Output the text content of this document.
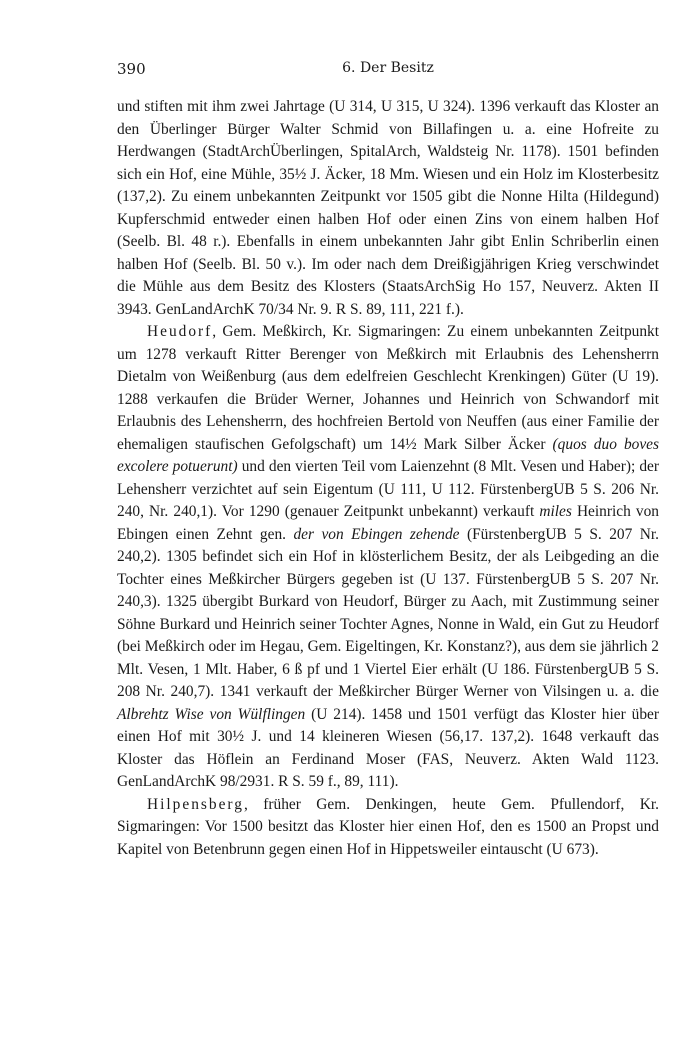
390	6. Der Besitz

und stiften mit ihm zwei Jahrtage (U 314, U 315, U 324). 1396 verkauft das Kloster an den Überlinger Bürger Walter Schmid von Billafingen u. a. eine Hofreite zu Herdwangen (StadtArchÜberlingen, SpitalArch, Waldsteig Nr. 1178). 1501 befinden sich ein Hof, eine Mühle, 35½ J. Äcker, 18 Mm. Wiesen und ein Holz im Klosterbesitz (137,2). Zu einem unbekannten Zeitpunkt vor 1505 gibt die Nonne Hilta (Hildegund) Kupferschmid entweder einen halben Hof oder einen Zins von einem halben Hof (Seelb. Bl. 48 r.). Ebenfalls in einem unbekannten Jahr gibt Enlin Schriberlin einen halben Hof (Seelb. Bl. 50 v.). Im oder nach dem Dreißigjährigen Krieg verschwindet die Mühle aus dem Besitz des Klosters (StaatsArchSig Ho 157, Neuverz. Akten II 3943. GenLandArchK 70/34 Nr. 9. R S. 89, 111, 221 f.).

Heudorf, Gem. Meßkirch, Kr. Sigmaringen: Zu einem unbekannten Zeitpunkt um 1278 verkauft Ritter Berenger von Meßkirch mit Erlaubnis des Lehensherrn Dietalm von Weißenburg (aus dem edelfreien Geschlecht Krenkingen) Güter (U 19). 1288 verkaufen die Brüder Werner, Johannes und Heinrich von Schwandorf mit Erlaubnis des Lehensherrn, des hochfreien Bertold von Neuffen (aus einer Familie der ehemaligen staufischen Gefolgschaft) um 14½ Mark Silber Äcker (quos duo boves excolere potuerunt) und den vierten Teil vom Laienzehnt (8 Mlt. Vesen und Haber); der Lehensherr verzichtet auf sein Eigentum (U 111, U 112. FürstenbergUB 5 S. 206 Nr. 240, Nr. 240,1). Vor 1290 (genauer Zeitpunkt unbekannt) verkauft miles Heinrich von Ebingen einen Zehnt gen. der von Ebingen zehende (FürstenbergUB 5 S. 207 Nr. 240,2). 1305 befindet sich ein Hof in klösterlichem Besitz, der als Leibgeding an die Tochter eines Meßkircher Bürgers gegeben ist (U 137. FürstenbergUB 5 S. 207 Nr. 240,3). 1325 übergibt Burkard von Heudorf, Bürger zu Aach, mit Zustimmung seiner Söhne Burkard und Heinrich seiner Tochter Agnes, Nonne in Wald, ein Gut zu Heudorf (bei Meßkirch oder im Hegau, Gem. Eigeltingen, Kr. Konstanz?), aus dem sie jährlich 2 Mlt. Vesen, 1 Mlt. Haber, 6 ß pf und 1 Viertel Eier erhält (U 186. FürstenbergUB 5 S. 208 Nr. 240,7). 1341 verkauft der Meßkircher Bürger Werner von Vilsingen u. a. die Albrehtz Wise von Wülflingen (U 214). 1458 und 1501 verfügt das Kloster hier über einen Hof mit 30½ J. und 14 kleineren Wiesen (56,17. 137,2). 1648 verkauft das Kloster das Höflein an Ferdinand Moser (FAS, Neuverz. Akten Wald 1123. GenLandArchK 98/2931. R S. 59 f., 89, 111).

Hilpensberg, früher Gem. Denkingen, heute Gem. Pfullendorf, Kr. Sigmaringen: Vor 1500 besitzt das Kloster hier einen Hof, den es 1500 an Propst und Kapitel von Betenbrunn gegen einen Hof in Hippetsweiler eintauscht (U 673).
